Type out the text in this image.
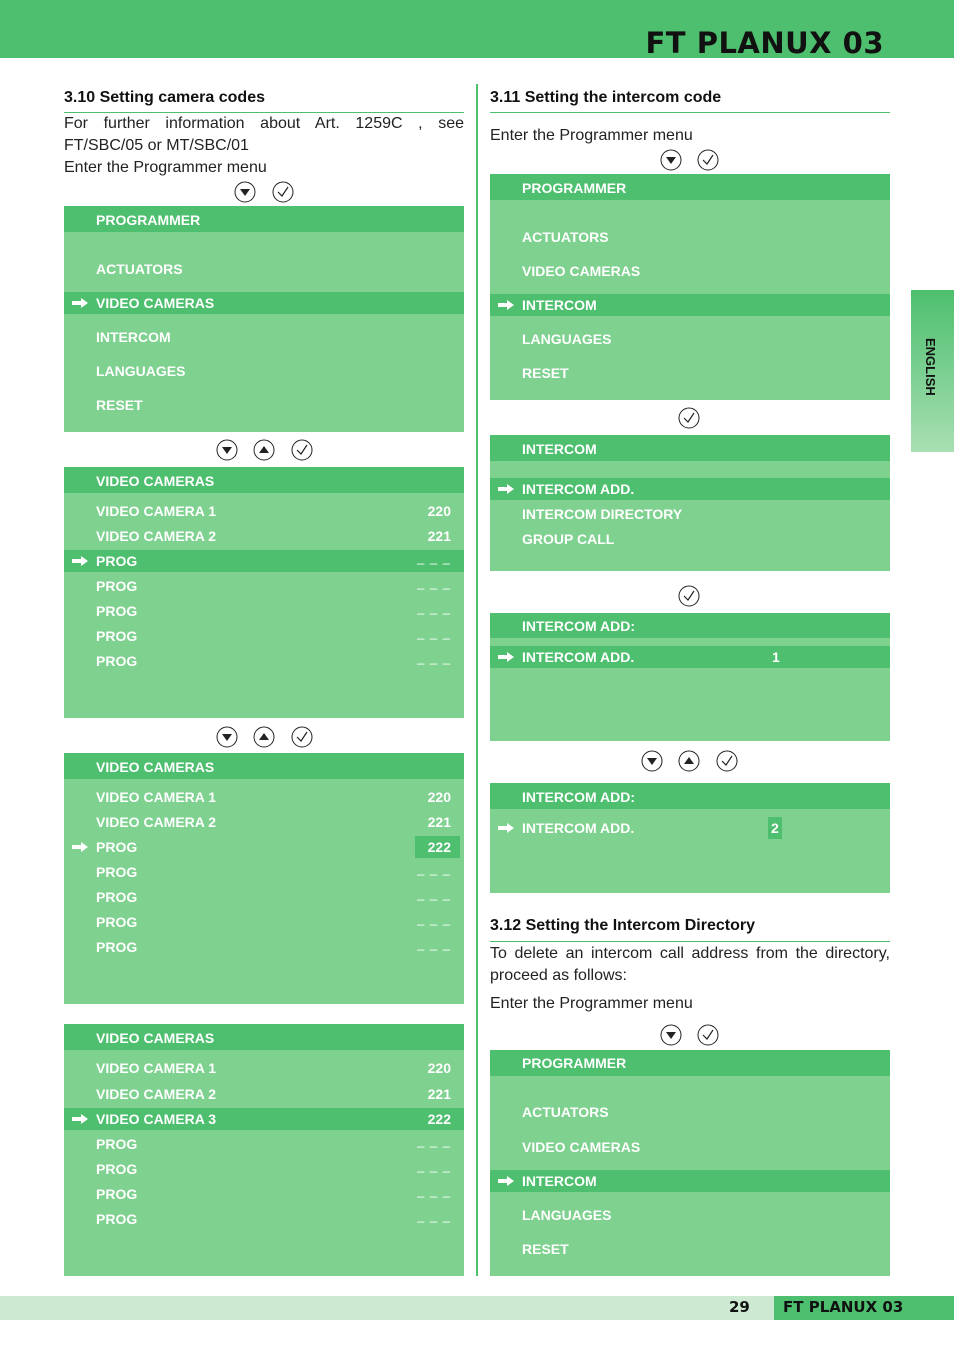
FT PLANUX 03
ENGLISH
3.10 Setting camera codes
For further information about Art. 1259C , see FT/SBC/05 or MT/SBC/01
Enter the Programmer menu
PROGRAMMER
ACTUATORS
VIDEO CAMERAS
INTERCOM
LANGUAGES
RESET
VIDEO CAMERAS
VIDEO CAMERA 1	220
VIDEO CAMERA 2	221
PROG	_ _ _
PROG	_ _ _
PROG	_ _ _
PROG	_ _ _
PROG	_ _ _
VIDEO CAMERAS
VIDEO CAMERA 1	220
VIDEO CAMERA 2	221
PROG	222
PROG	_ _ _
PROG	_ _ _
PROG	_ _ _
PROG	_ _ _
VIDEO CAMERAS
VIDEO CAMERA 1	220
VIDEO CAMERA 2	221
VIDEO CAMERA 3	222
PROG	_ _ _
PROG	_ _ _
PROG	_ _ _
PROG	_ _ _
3.11 Setting the intercom code
Enter the Programmer menu
PROGRAMMER
ACTUATORS
VIDEO CAMERAS
INTERCOM
LANGUAGES
RESET
INTERCOM
INTERCOM ADD.
INTERCOM DIRECTORY
GROUP CALL
INTERCOM ADD:
INTERCOM ADD.	1
INTERCOM ADD:
INTERCOM ADD.	2
3.12 Setting the Intercom Directory
To delete an intercom call address from the directory, proceed as follows:
Enter the Programmer menu
PROGRAMMER
ACTUATORS
VIDEO CAMERAS
INTERCOM
LANGUAGES
RESET
29 FT PLANUX 03
